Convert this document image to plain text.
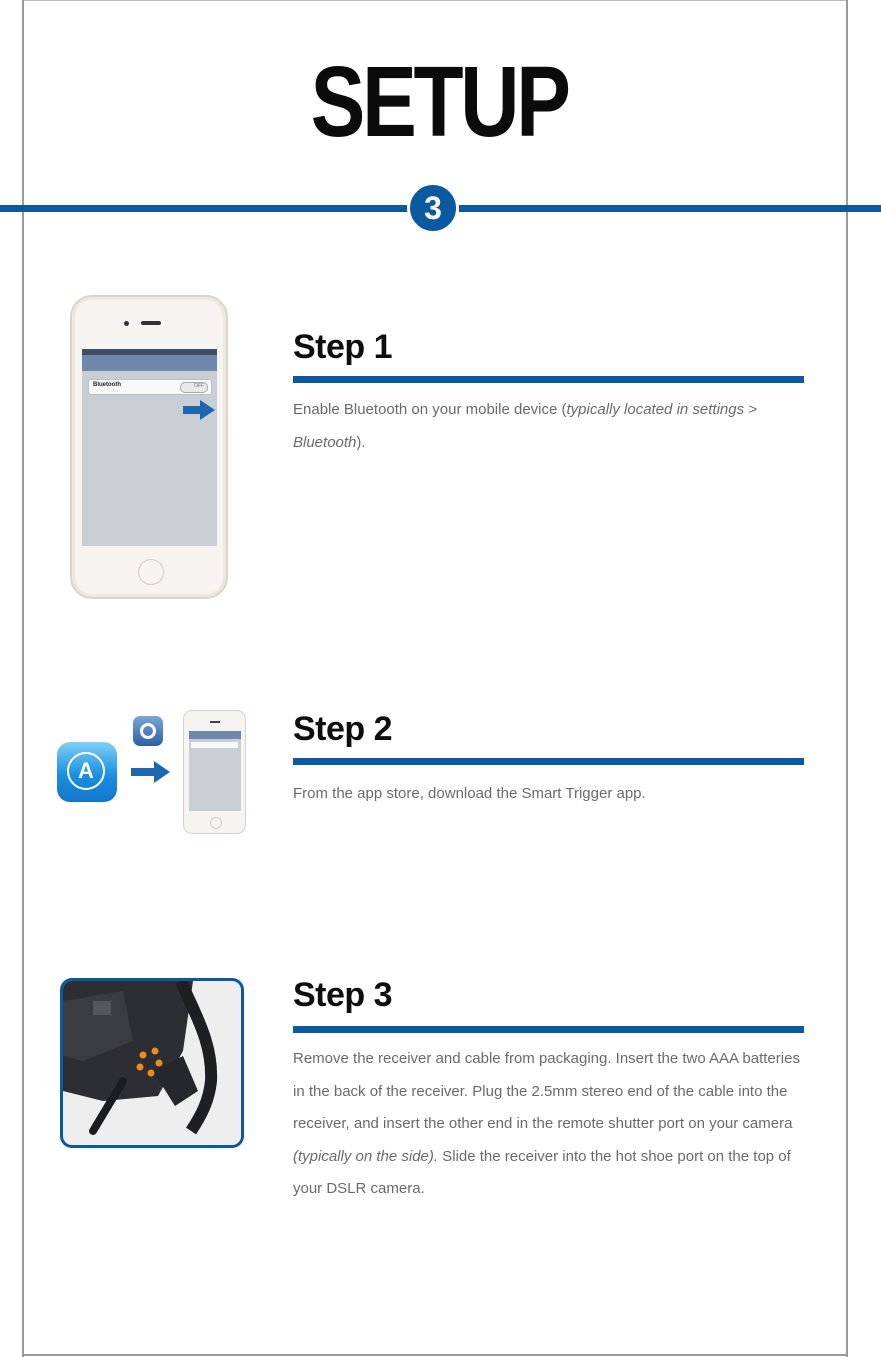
SETUP
3
Bluetooth	OFF
Step 1
Enable Bluetooth on your mobile device (typically located in settings > Bluetooth).
A
Step 2
From the app store, download the Smart Trigger app.
Step 3
Remove the receiver and cable from packaging. Insert the two AAA batteries in the back of the receiver. Plug the 2.5mm stereo end of the cable into the receiver, and insert the other end in the remote shutter port on your camera (typically on the side). Slide the receiver into the hot shoe port on the top of your DSLR camera.
